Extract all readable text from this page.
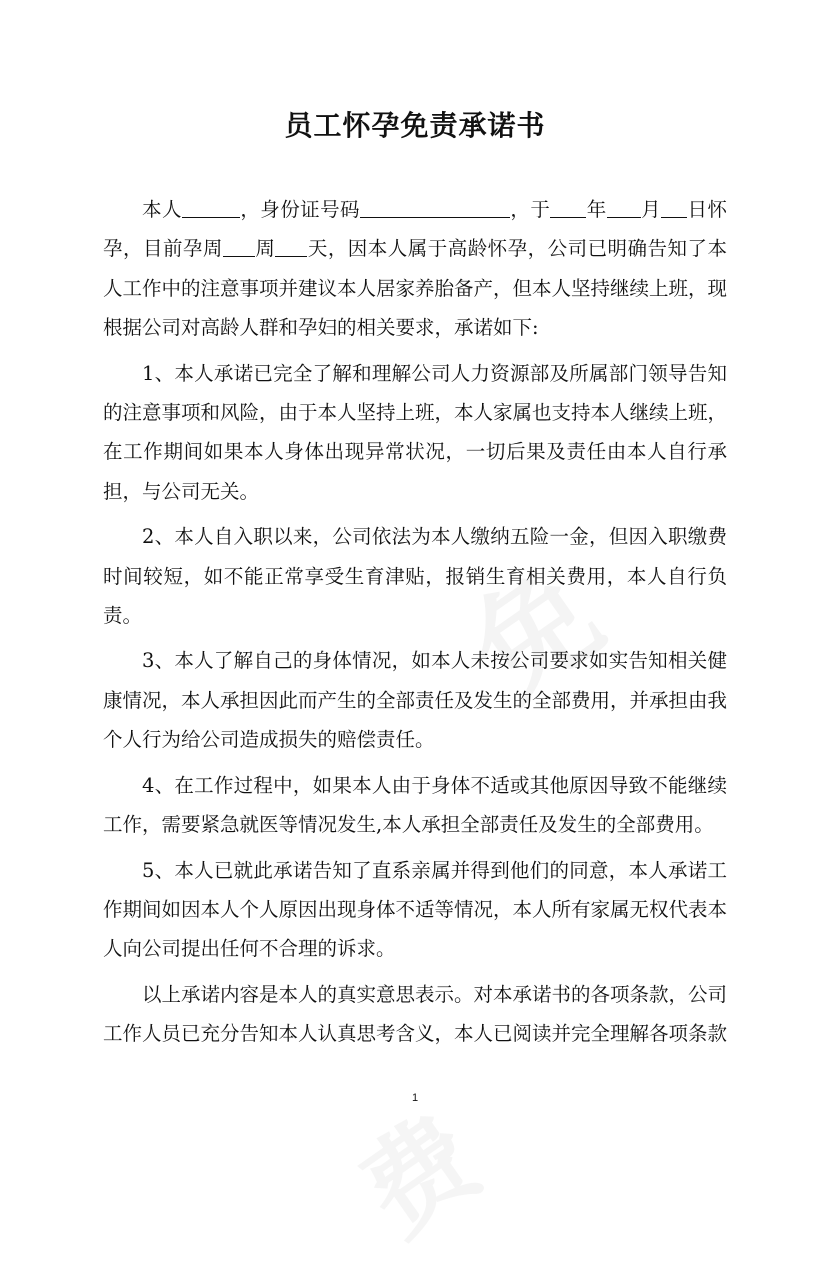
员工怀孕免责承诺书

本人	，身份证号码	，于 年 月 日怀孕，目前孕周 周 天，因本人属于高龄怀孕，公司已明确告知了本人工作中的注意事项并建议本人居家养胎备产，但本人坚持继续上班，现根据公司对高龄人群和孕妇的相关要求，承诺如下:

1、本人承诺已完全了解和理解公司人力资源部及所属部门领导告知的注意事项和风险，由于本人坚持上班，本人家属也支持本人继续上班，在工作期间如果本人身体出现异常状况，一切后果及责任由本人自行承担，与公司无关。

2、本人自入职以来，公司依法为本人缴纳五险一金，但因入职缴费时间较短，如不能正常享受生育津贴，报销生育相关费用，本人自行负责。

3、本人了解自己的身体情况，如本人未按公司要求如实告知相关健康情况，本人承担因此而产生的全部责任及发生的全部费用，并承担由我个人行为给公司造成损失的赔偿责任。

4、在工作过程中，如果本人由于身体不适或其他原因导致不能继续工作，需要紧急就医等情况发生,本人承担全部责任及发生的全部费用。

5、本人已就此承诺告知了直系亲属并得到他们的同意，本人承诺工作期间如因本人个人原因出现身体不适等情况，本人所有家属无权代表本人向公司提出任何不合理的诉求。

以上承诺内容是本人的真实意思表示。对本承诺书的各项条款，公司工作人员已充分告知本人认真思考含义，本人已阅读并完全理解各项条款

1
